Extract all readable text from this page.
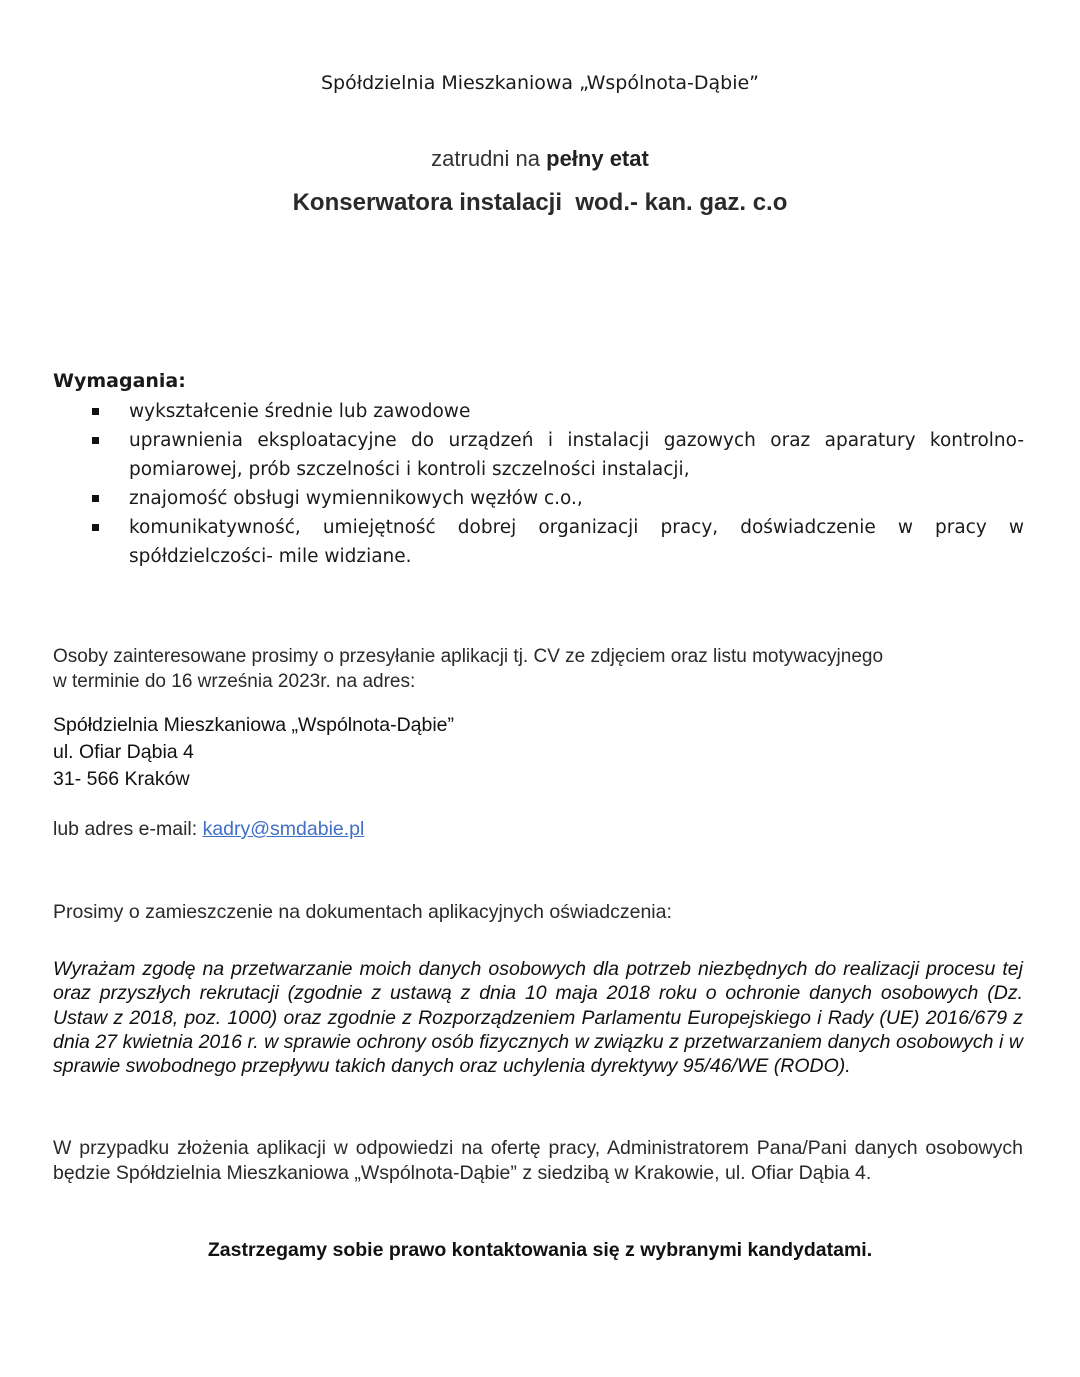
Spółdzielnia Mieszkaniowa „Wspólnota-Dąbie”
zatrudni na pełny etat
Konserwatora instalacji  wod.- kan. gaz. c.o
Wymagania:
wykształcenie średnie lub zawodowe
uprawnienia eksploatacyjne do urządzeń i instalacji gazowych oraz aparatury kontrolno-pomiarowej, prób szczelności i kontroli szczelności instalacji,
znajomość obsługi wymiennikowych węzłów c.o.,
komunikatywność, umiejętność dobrej organizacji pracy, doświadczenie w pracy w spółdzielczości- mile widziane.
Osoby zainteresowane prosimy o przesyłanie aplikacji tj. CV ze zdjęciem oraz listu motywacyjnego
w terminie do 16 września 2023r. na adres:
Spółdzielnia Mieszkaniowa „Wspólnota-Dąbie”
ul. Ofiar Dąbia 4
31- 566 Kraków
lub adres e-mail: kadry@smdabie.pl
Prosimy o zamieszczenie na dokumentach aplikacyjnych oświadczenia:
Wyrażam zgodę na przetwarzanie moich danych osobowych dla potrzeb niezbędnych do realizacji procesu tej oraz przyszłych rekrutacji (zgodnie z ustawą z dnia 10 maja 2018 roku o ochronie danych osobowych (Dz. Ustaw z 2018, poz. 1000) oraz zgodnie z Rozporządzeniem Parlamentu Europejskiego i Rady (UE) 2016/679 z dnia 27 kwietnia 2016 r. w sprawie ochrony osób fizycznych w związku z przetwarzaniem danych osobowych i w sprawie swobodnego przepływu takich danych oraz uchylenia dyrektywy 95/46/WE (RODO).
W przypadku złożenia aplikacji w odpowiedzi na ofertę pracy, Administratorem Pana/Pani danych osobowych będzie Spółdzielnia Mieszkaniowa „Wspólnota-Dąbie” z siedzibą w Krakowie, ul. Ofiar Dąbia 4.
Zastrzegamy sobie prawo kontaktowania się z wybranymi kandydatami.
